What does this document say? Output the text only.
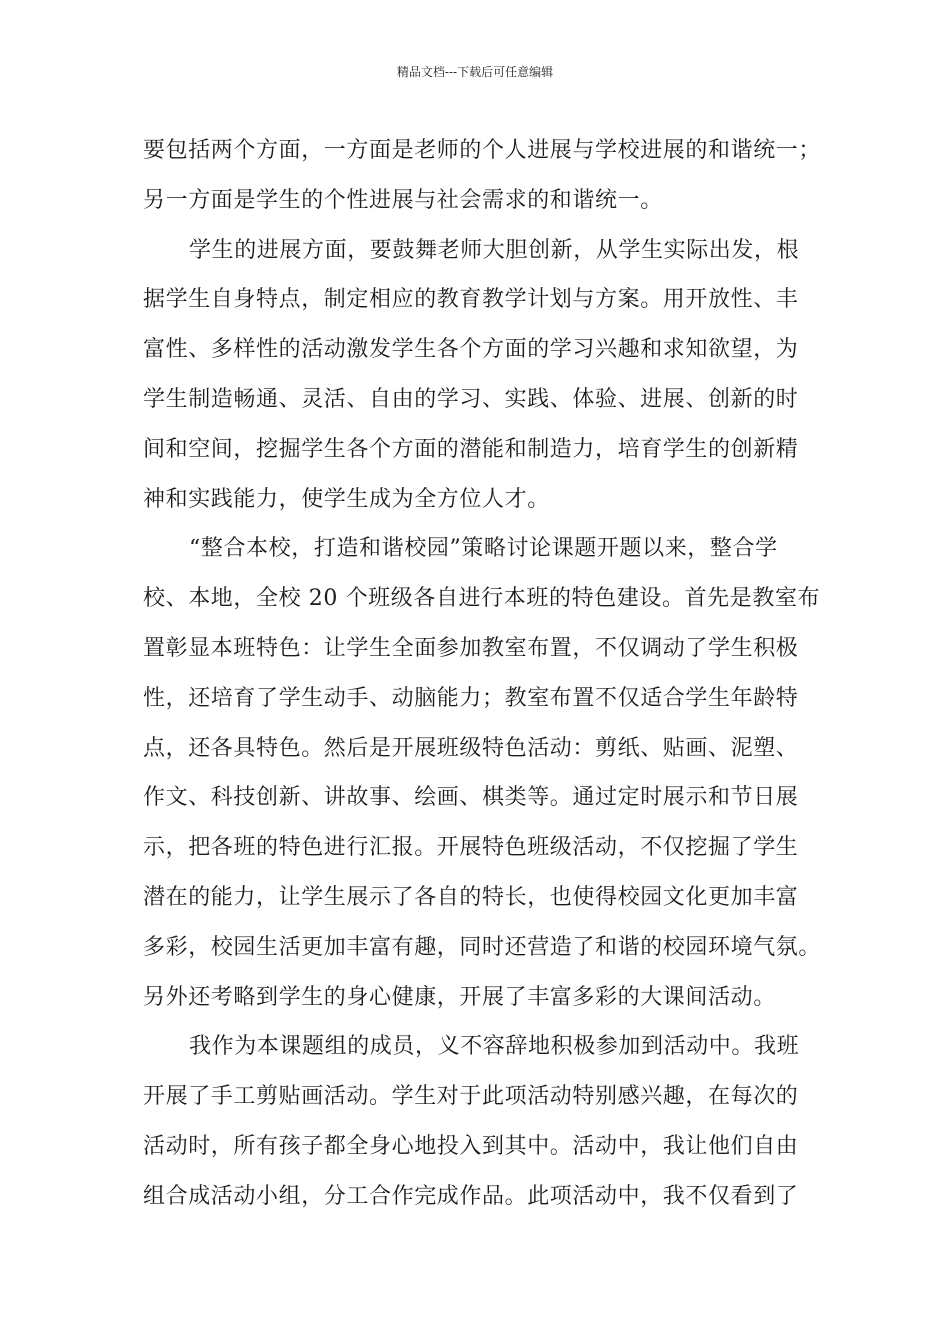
精品文档---下载后可任意编辑
要包括两个方面，一方面是老师的个人进展与学校进展的和谐统一；
另一方面是学生的个性进展与社会需求的和谐统一。
学生的进展方面，要鼓舞老师大胆创新，从学生实际出发，根
据学生自身特点，制定相应的教育教学计划与方案。用开放性、丰
富性、多样性的活动激发学生各个方面的学习兴趣和求知欲望，为
学生制造畅通、灵活、自由的学习、实践、体验、进展、创新的时
间和空间，挖掘学生各个方面的潜能和制造力，培育学生的创新精
神和实践能力，使学生成为全方位人才。
“整合本校，打造和谐校园”策略讨论课题开题以来，整合学
校、本地，全校 20 个班级各自进行本班的特色建设。首先是教室布
置彰显本班特色：让学生全面参加教室布置，不仅调动了学生积极
性，还培育了学生动手、动脑能力；教室布置不仅适合学生年龄特
点，还各具特色。然后是开展班级特色活动：剪纸、贴画、泥塑、
作文、科技创新、讲故事、绘画、棋类等。通过定时展示和节日展
示，把各班的特色进行汇报。开展特色班级活动，不仅挖掘了学生
潜在的能力，让学生展示了各自的特长，也使得校园文化更加丰富
多彩，校园生活更加丰富有趣，同时还营造了和谐的校园环境气氛。
另外还考略到学生的身心健康，开展了丰富多彩的大课间活动。
我作为本课题组的成员，义不容辞地积极参加到活动中。我班
开展了手工剪贴画活动。学生对于此项活动特别感兴趣，在每次的
活动时，所有孩子都全身心地投入到其中。活动中，我让他们自由
组合成活动小组，分工合作完成作品。此项活动中，我不仅看到了
